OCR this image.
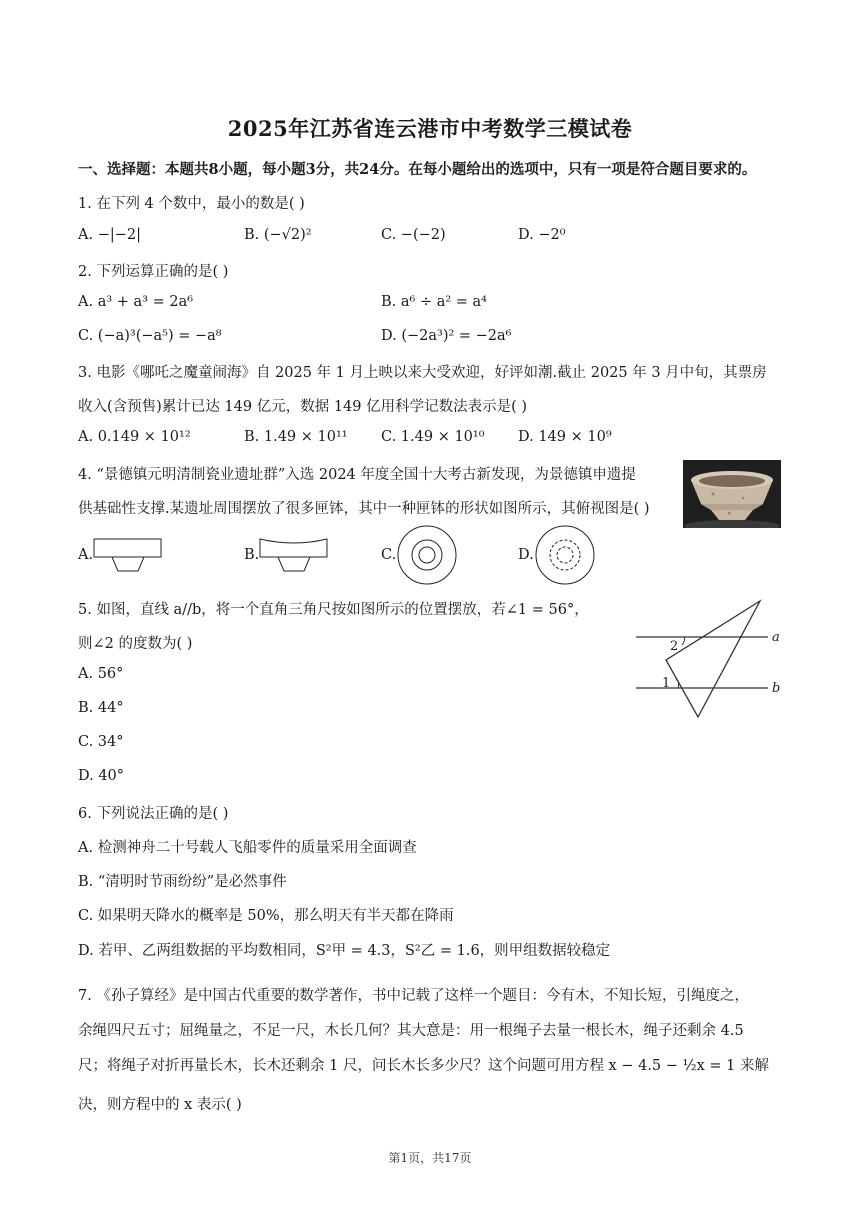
2025年江苏省连云港市中考数学三模试卷
一、选择题：本题共8小题，每小题3分，共24分。在每小题给出的选项中，只有一项是符合题目要求的。
1. 在下列 4 个数中，最小的数是( )
A. −|−2|	B. (−√2)²	C. −(−2)	D. −2⁰
2. 下列运算正确的是( )
A. a³ + a³ = 2a⁶	B. a⁶ ÷ a² = a⁴
C. (−a)³(−a⁵) = −a⁸	D. (−2a³)² = −2a⁶
3. 电影《哪吒之魔童闹海》自 2025 年 1 月上映以来大受欢迎，好评如潮.截止 2025 年 3 月中旬，其票房
收入(含预售)累计已达 149 亿元，数据 149 亿用科学记数法表示是( )
A. 0.149 × 10¹²	B. 1.49 × 10¹¹ C. 1.49 × 10¹⁰ D. 149 × 10⁹
4. “景德镇元明清制瓷业遗址群”入选 2024 年度全国十大考古新发现，为景德镇申遗提
供基础性支撑.某遗址周围摆放了很多匣钵，其中一种匣钵的形状如图所示，其俯视图是( )
A.	B.	C.	D.
5. 如图，直线 a//b，将一个直角三角尺按如图所示的位置摆放，若∠1 = 56°，
则∠2 的度数为( )
A. 56°
B. 44°
C. 34°
D. 40°
2
1
a
b
6. 下列说法正确的是( )
A. 检测神舟二十号载人飞船零件的质量采用全面调查
B. “清明时节雨纷纷”是必然事件
C. 如果明天降水的概率是 50%，那么明天有半天都在降雨
D. 若甲、乙两组数据的平均数相同，S²甲 = 4.3，S²乙 = 1.6，则甲组数据较稳定
7. 《孙子算经》是中国古代重要的数学著作，书中记载了这样一个题目：今有木，不知长短，引绳度之，
余绳四尺五寸；屈绳量之，不足一尺，木长几何？其大意是：用一根绳子去量一根长木，绳子还剩余 4.5
尺；将绳子对折再量长木，长木还剩余 1 尺，问长木长多少尺？这个问题可用方程 x − 4.5 − ½x = 1 来解
决，则方程中的 x 表示( )
第1页，共17页
